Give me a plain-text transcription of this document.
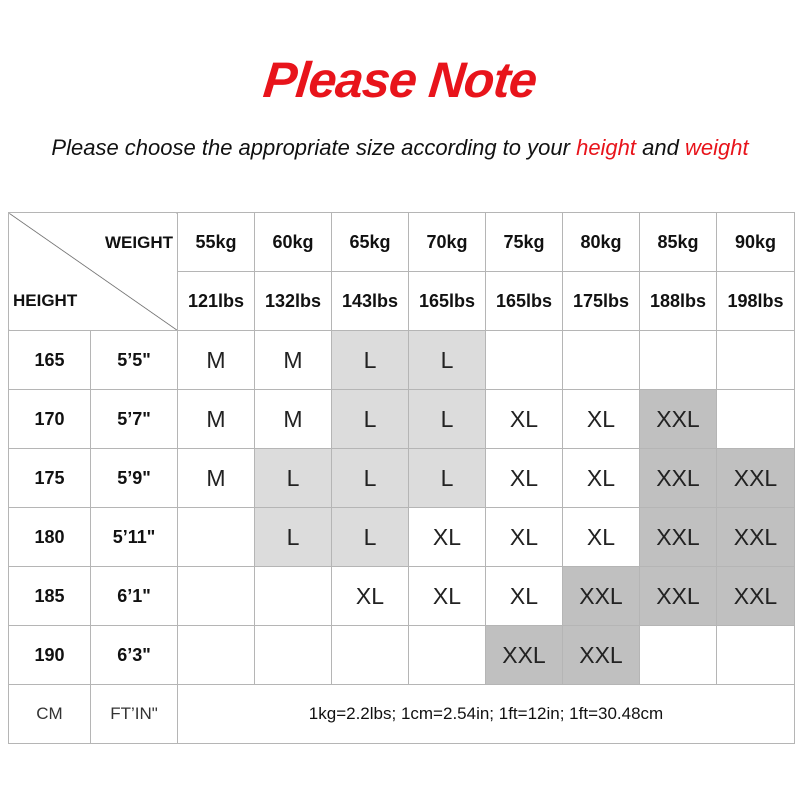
Please Note
Please choose the appropriate size according to your height and weight
WEIGHT
HEIGHT		55kg	60kg	65kg	70kg	75kg	80kg	85kg	90kg
		121lbs	132lbs	143lbs	165lbs	165lbs	175lbs	188lbs	198lbs
165	5’5"	M	M	L	L				
170	5’7"	M	M	L	L	XL	XL	XXL	
175	5’9"	M	L	L	L	XL	XL	XXL	XXL
180	5’11"		L	L	XL	XL	XL	XXL	XXL
185	6’1"			XL	XL	XL	XXL	XXL	XXL
190	6’3"					XXL	XXL		
CM	FT’IN"	1kg=2.2lbs; 1cm=2.54in; 1ft=12in; 1ft=30.48cm							
